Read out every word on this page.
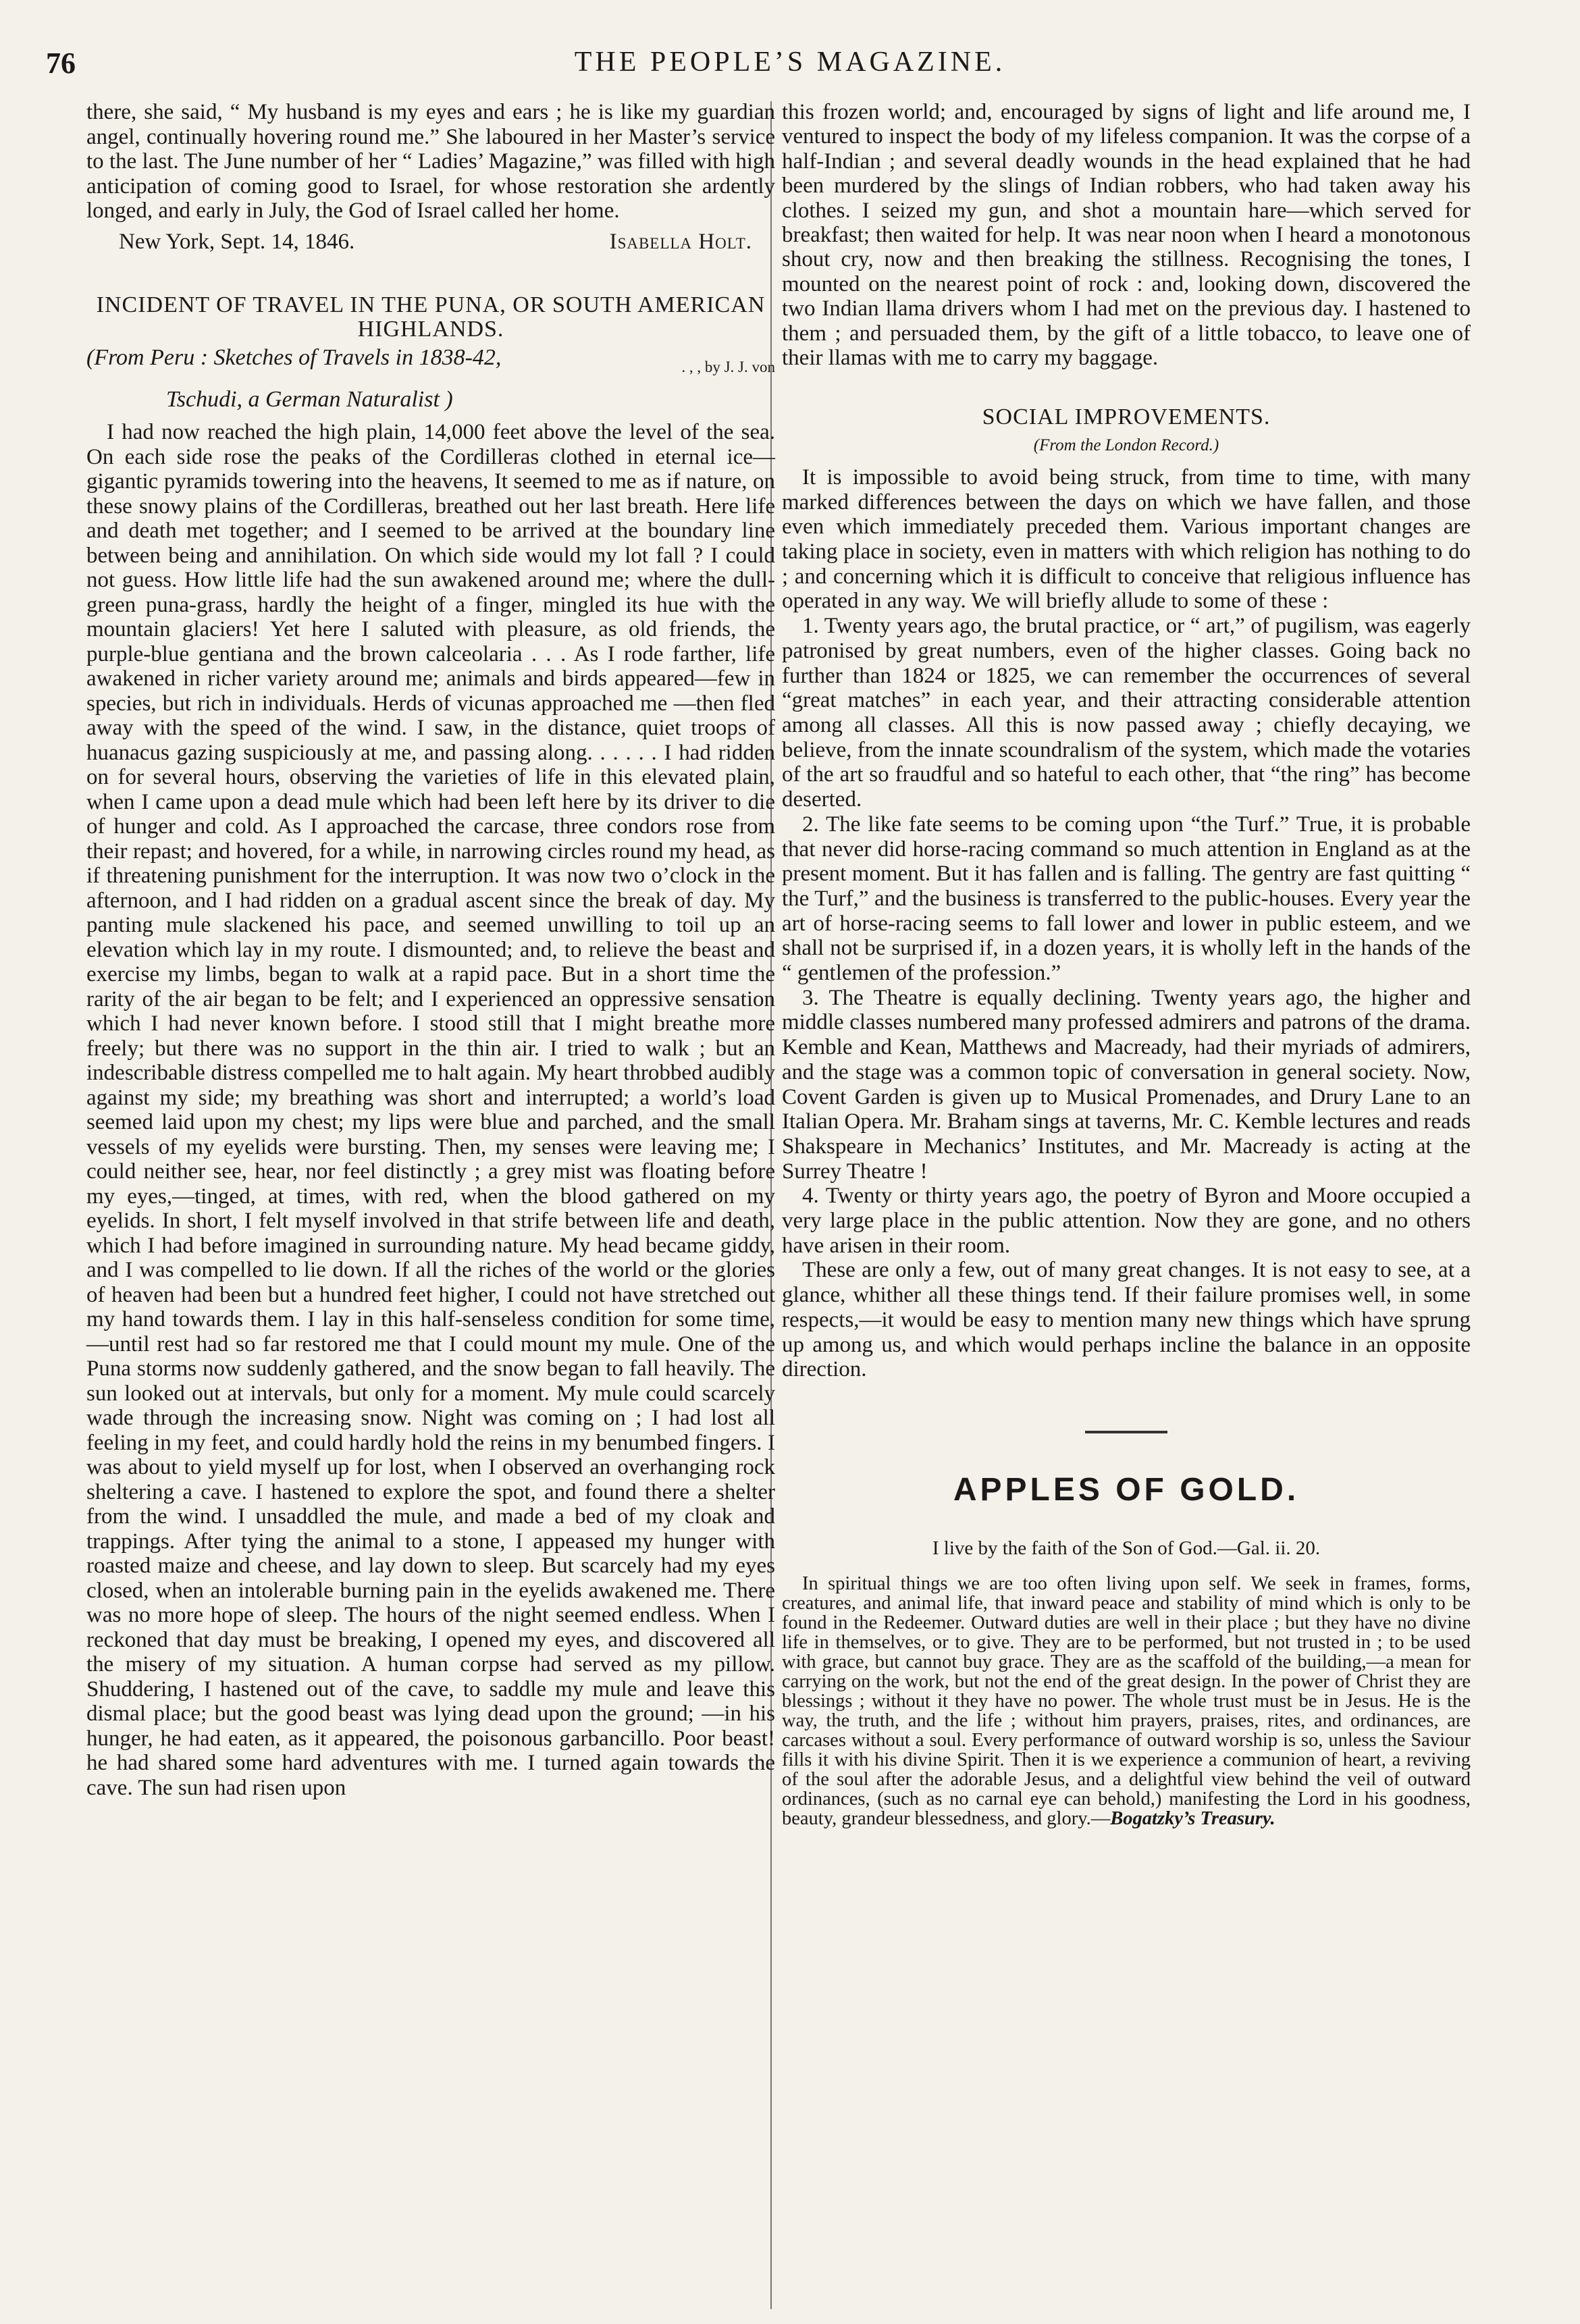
76	THE PEOPLE’S MAGAZINE.

there, she said, “ My husband is my eyes and ears ; he is like my guardian angel, continually hovering round me.” She laboured in her Master’s service to the last. The June number of her “ Ladies’ Magazine,” was filled with high anticipation of coming good to Israel, for whose restoration she ardently longed, and early in July, the God of Israel called her home.

New York, Sept. 14, 1846.	Isabella Holt.
INCIDENT OF TRAVEL IN THE PUNA, OR SOUTH AMERICAN HIGHLANDS.
(From Peru : Sketches of Travels in 1838-42,	. , , by J. J. von
Tschudi, a German Naturalist )

I had now reached the high plain, 14,000 feet above the level of the sea. On each side rose the peaks of the Cordilleras clothed in eternal ice—gigantic pyramids towering into the heavens, It seemed to me as if nature, on these snowy plains of the Cordilleras, breathed out her last breath. Here life and death met together; and I seemed to be arrived at the boundary line between being and annihilation. On which side would my lot fall ? I could not guess. How little life had the sun awakened around me; where the dull-green puna-grass, hardly the height of a finger, mingled its hue with the mountain glaciers! Yet here I saluted with pleasure, as old friends, the purple-blue gentiana and the brown calceolaria . . . As I rode farther, life awakened in richer variety around me; animals and birds appeared—few in species, but rich in individuals. Herds of vicunas approached me —then fled away with the speed of the wind. I saw, in the distance, quiet troops of huanacus gazing suspiciously at me, and passing along. . . . . . I had ridden on for several hours, observing the varieties of life in this elevated plain, when I came upon a dead mule which had been left here by its driver to die of hunger and cold. As I approached the carcase, three condors rose from their repast; and hovered, for a while, in narrowing circles round my head, as if threatening punishment for the interruption. It was now two o’clock in the afternoon, and I had ridden on a gradual ascent since the break of day. My panting mule slackened his pace, and seemed unwilling to toil up an elevation which lay in my route. I dismounted; and, to relieve the beast and exercise my limbs, began to walk at a rapid pace. But in a short time the rarity of the air began to be felt; and I experienced an oppressive sensation which I had never known before. I stood still that I might breathe more freely; but there was no support in the thin air. I tried to walk ; but an indescribable distress compelled me to halt again. My heart throbbed audibly against my side; my breathing was short and interrupted; a world’s load seemed laid upon my chest; my lips were blue and parched, and the small vessels of my eyelids were bursting. Then, my senses were leaving me; I could neither see, hear, nor feel distinctly ; a grey mist was floating before my eyes,—tinged, at times, with red, when the blood gathered on my eyelids. In short, I felt myself involved in that strife between life and death, which I had before imagined in surrounding nature. My head became giddy, and I was compelled to lie down. If all the riches of the world or the glories of heaven had been but a hundred feet higher, I could not have stretched out my hand towards them. I lay in this half-senseless condition for some time,—until rest had so far restored me that I could mount my mule. One of the Puna storms now suddenly gathered, and the snow began to fall heavily. The sun looked out at intervals, but only for a moment. My mule could scarcely wade through the increasing snow. Night was coming on ; I had lost all feeling in my feet, and could hardly hold the reins in my benumbed fingers. I was about to yield myself up for lost, when I observed an overhanging rock sheltering a cave. I hastened to explore the spot, and found there a shelter from the wind. I unsaddled the mule, and made a bed of my cloak and trappings. After tying the animal to a stone, I appeased my hunger with roasted maize and cheese, and lay down to sleep. But scarcely had my eyes closed, when an intolerable burning pain in the eyelids awakened me. There was no more hope of sleep. The hours of the night seemed endless. When I reckoned that day must be breaking, I opened my eyes, and discovered all the misery of my situation. A human corpse had served as my pillow. Shuddering, I hastened out of the cave, to saddle my mule and leave this dismal place; but the good beast was lying dead upon the ground; —in his hunger, he had eaten, as it appeared, the poisonous garbancillo. Poor beast! he had shared some hard adventures with me. I turned again towards the cave. The sun had risen upon

this frozen world; and, encouraged by signs of light and life around me, I ventured to inspect the body of my lifeless companion. It was the corpse of a half-Indian ; and several deadly wounds in the head explained that he had been murdered by the slings of Indian robbers, who had taken away his clothes. I seized my gun, and shot a mountain hare—which served for breakfast; then waited for help. It was near noon when I heard a monotonous shout cry, now and then breaking the stillness. Recognising the tones, I mounted on the nearest point of rock : and, looking down, discovered the two Indian llama drivers whom I had met on the previous day. I hastened to them ; and persuaded them, by the gift of a little tobacco, to leave one of their llamas with me to carry my baggage.

SOCIAL IMPROVEMENTS.
(From the London Record.)

It is impossible to avoid being struck, from time to time, with many marked differences between the days on which we have fallen, and those even which immediately preceded them. Various important changes are taking place in society, even in matters with which religion has nothing to do ; and concerning which it is difficult to conceive that religious influence has operated in any way. We will briefly allude to some of these :

1. Twenty years ago, the brutal practice, or “ art,” of pugilism, was eagerly patronised by great numbers, even of the higher classes. Going back no further than 1824 or 1825, we can remember the occurrences of several “great matches” in each year, and their attracting considerable attention among all classes. All this is now passed away ; chiefly decaying, we believe, from the innate scoundralism of the system, which made the votaries of the art so fraudful and so hateful to each other, that “the ring” has become deserted.

2. The like fate seems to be coming upon “the Turf.” True, it is probable that never did horse-racing command so much attention in England as at the present moment. But it has fallen and is falling. The gentry are fast quitting “ the Turf,” and the business is transferred to the public-houses. Every year the art of horse-racing seems to fall lower and lower in public esteem, and we shall not be surprised if, in a dozen years, it is wholly left in the hands of the “ gentlemen of the profession.”

3. The Theatre is equally declining. Twenty years ago, the higher and middle classes numbered many professed admirers and patrons of the drama. Kemble and Kean, Matthews and Macready, had their myriads of admirers, and the stage was a common topic of conversation in general society. Now, Covent Garden is given up to Musical Promenades, and Drury Lane to an Italian Opera. Mr. Braham sings at taverns, Mr. C. Kemble lectures and reads Shakspeare in Mechanics’ Institutes, and Mr. Macready is acting at the Surrey Theatre !

4. Twenty or thirty years ago, the poetry of Byron and Moore occupied a very large place in the public attention. Now they are gone, and no others have arisen in their room.

These are only a few, out of many great changes. It is not easy to see, at a glance, whither all these things tend. If their failure promises well, in some respects,—it would be easy to mention many new things which have sprung up among us, and which would perhaps incline the balance in an opposite direction.

APPLES OF GOLD.
I live by the faith of the Son of God.—Gal. ii. 20.

In spiritual things we are too often living upon self. We seek in frames, forms, creatures, and animal life, that inward peace and stability of mind which is only to be found in the Redeemer. Outward duties are well in their place ; but they have no divine life in themselves, or to give. They are to be performed, but not trusted in ; to be used with grace, but cannot buy grace. They are as the scaffold of the building,—a mean for carrying on the work, but not the end of the great design. In the power of Christ they are blessings ; without it they have no power. The whole trust must be in Jesus. He is the way, the truth, and the life ; without him prayers, praises, rites, and ordinances, are carcases without a soul. Every performance of outward worship is so, unless the Saviour fills it with his divine Spirit. Then it is we experience a communion of heart, a reviving of the soul after the adorable Jesus, and a delightful view behind the veil of outward ordinances, (such as no carnal eye can behold,) manifesting the Lord in his goodness, beauty, grandeur blessedness, and glory.—Bogatzky’s Treasury.
